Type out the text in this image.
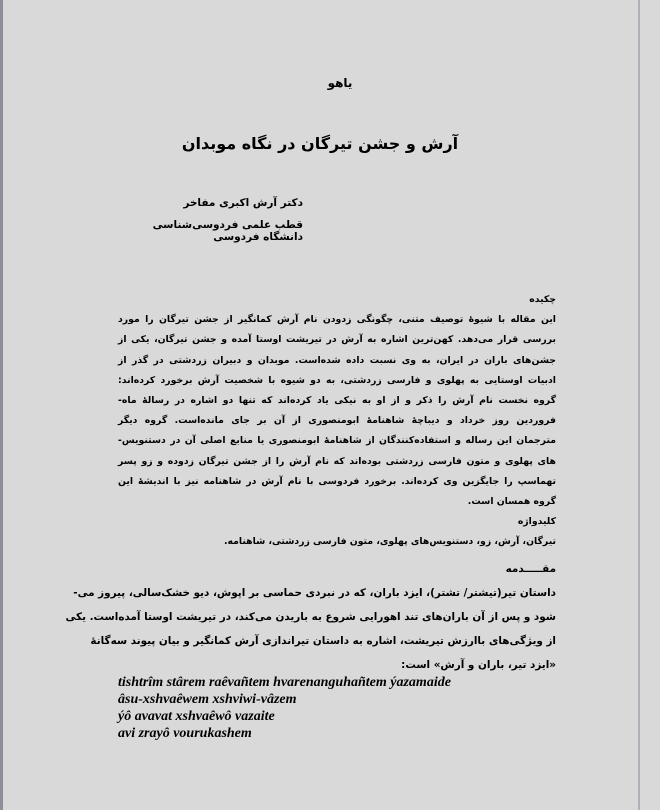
یاهو
آرش و جشن تیرگان در نگاه موبدان
دکتر آرش اکبری مفاخر
قطب علمی فردوسی‌شناسی دانشگاه فردوسی
چکیده
این مقاله با شیوهٔ توصیف متنی، چگونگی زدودن نام آرش کمانگیر از جشن تیرگان را مورد
بررسی قرار می‌دهد. کهن‌ترین اشاره به آرش در تیریشت اوستا آمده و جشن تیرگان، یکی از
جشن‌های باران در ایران، به وی نسبت داده شده‌است. موبدان و دبیران زردشتی در گذر از
ادبیات اوستایی به پهلوی و فارسی زردشتی، به دو شیوه با شخصیت آرش برخورد کرده‌اند:
گروه نخست نام آرش را ذکر و از او به نیکی یاد کرده‌اند که تنها دو اشاره در رسالهٔ ماه-
فروردین روز خرداد و دیباچهٔ شاهنامهٔ ابومنصوری از آن بر جای مانده‌است. گروه دیگر
مترجمان این رساله و استفاده‌کنندگان از شاهنامهٔ ابومنصوری یا منابع اصلی آن در دستنویس-
های پهلوی و متون فارسی زردشتی بوده‌اند که نام آرش را از جشن تیرگان زدوده و زو پسر
تهماسپ را جایگزین وی کرده‌اند. برخورد فردوسی با نام آرش در شاهنامه نیز با اندیشهٔ این
گروه همسان است.
کلیدواژه
تیرگان، آرش، زو، دستنویس‌های پهلوی، متون فارسی زردشتی، شاهنامه.
مقـــــدمه
داستان تیر(تیشتر/ تشتر)، ایزد باران، که در نبردی حماسی بر اپوش، دیو خشک‌سالی، پیروز می-
شود و پس از آن باران‌های تند اهورایی شروع به باریدن می‌کند، در تیریشت اوستا آمده‌است. یکی
از ویژگی‌های باارزش تیریشت، اشاره به داستان تیراندازی آرش کمانگیر و بیان پیوند سه‌گانهٔ
«ایزد تیر، باران و آرش» است:
tishtrîm stârem raêvañtem hvarenanguhañtem ýazamaide
âsu-xshvaêwem xshviwi-vâzem
ýô avavat xshvaêwô vazaite
avi zrayô vourukashem
